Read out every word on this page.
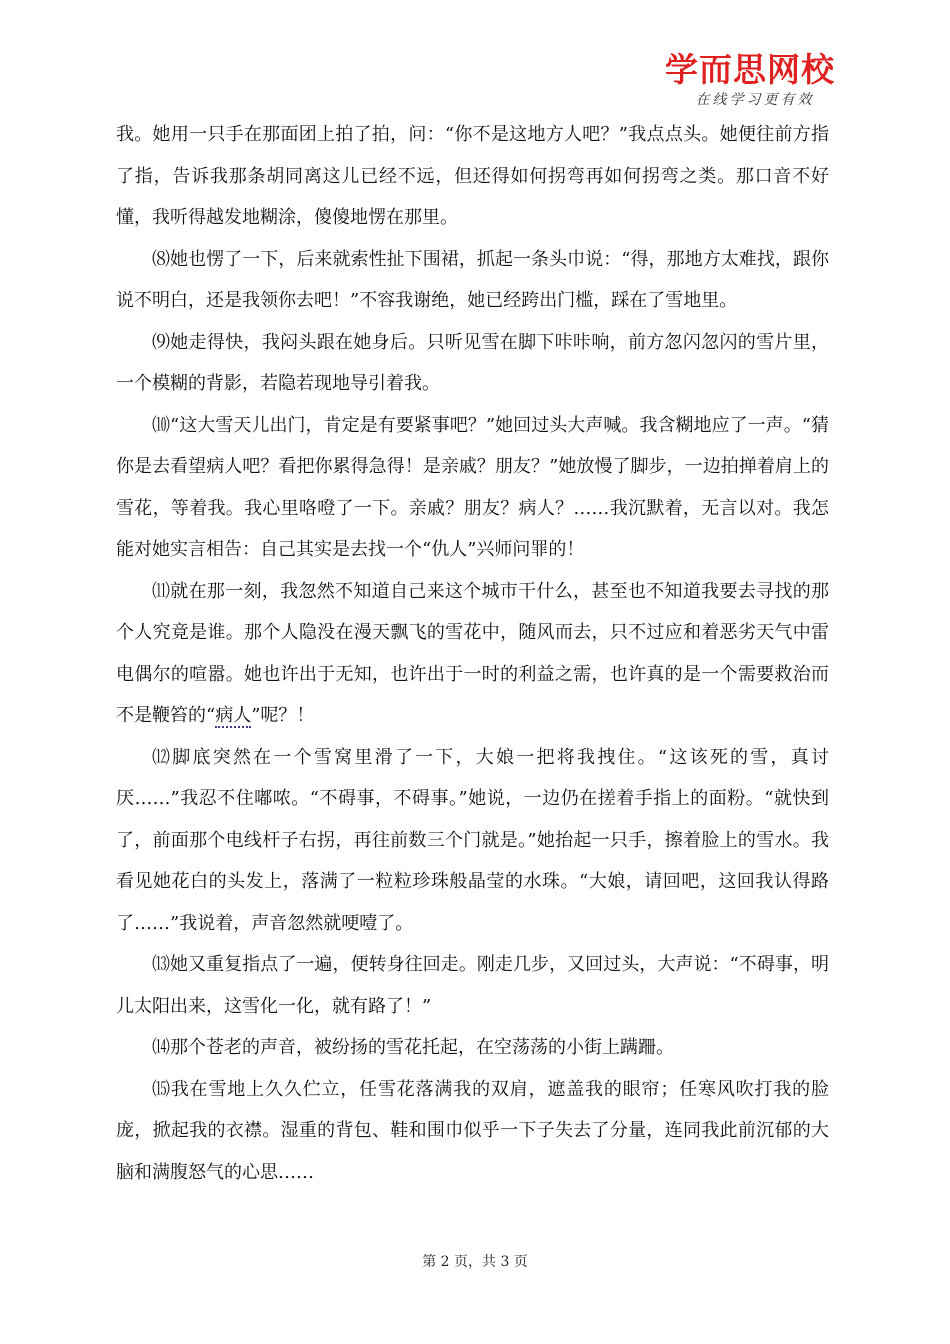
学而思网校
在线学习更有效

我。她用一只手在那面团上拍了拍，问：“你不是这地方人吧？”我点点头。她便往前方指了指，告诉我那条胡同离这儿已经不远，但还得如何拐弯再如何拐弯之类。那口音不好懂，我听得越发地糊涂，傻傻地愣在那里。

⑻她也愣了一下，后来就索性扯下围裙，抓起一条头巾说：“得，那地方太难找，跟你说不明白，还是我领你去吧！”不容我谢绝，她已经跨出门槛，踩在了雪地里。

⑼她走得快，我闷头跟在她身后。只听见雪在脚下咔咔响，前方忽闪忽闪的雪片里，一个模糊的背影，若隐若现地导引着我。

⑽“这大雪天儿出门，肯定是有要紧事吧？”她回过头大声喊。我含糊地应了一声。“猜你是去看望病人吧？看把你累得急得！是亲戚？朋友？”她放慢了脚步，一边拍掸着肩上的雪花，等着我。我心里咯噔了一下。亲戚？朋友？病人？……我沉默着，无言以对。我怎能对她实言相告：自己其实是去找一个“仇人”兴师问罪的！

⑾就在那一刻，我忽然不知道自己来这个城市干什么，甚至也不知道我要去寻找的那个人究竟是谁。那个人隐没在漫天飘飞的雪花中，随风而去，只不过应和着恶劣天气中雷电偶尔的喧嚣。她也许出于无知，也许出于一时的利益之需，也许真的是一个需要救治而不是鞭笞的“病人”呢？！

⑿脚底突然在一个雪窝里滑了一下，大娘一把将我拽住。“这该死的雪，真讨厌……”我忍不住嘟哝。“不碍事，不碍事。”她说，一边仍在搓着手指上的面粉。“就快到了，前面那个电线杆子右拐，再往前数三个门就是。”她抬起一只手，擦着脸上的雪水。我看见她花白的头发上，落满了一粒粒珍珠般晶莹的水珠。“大娘，请回吧，这回我认得路了……”我说着，声音忽然就哽噎了。

⒀她又重复指点了一遍，便转身往回走。刚走几步，又回过头，大声说：“不碍事，明儿太阳出来，这雪化一化，就有路了！”

⒁那个苍老的声音，被纷扬的雪花托起，在空荡荡的小街上蹒跚。

⒂我在雪地上久久伫立，任雪花落满我的双肩，遮盖我的眼帘；任寒风吹打我的脸庞，掀起我的衣襟。湿重的背包、鞋和围巾似乎一下子失去了分量，连同我此前沉郁的大脑和满腹怒气的心思……

第 2 页，共 3 页
